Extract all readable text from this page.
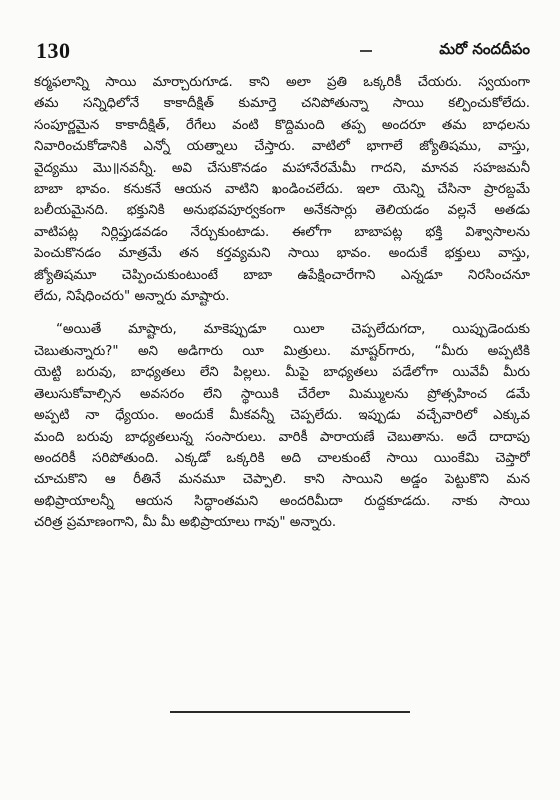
130	మరో నందదీపం
కర్మఫలాన్ని సాయి మార్చారుగూడ. కాని అలా ప్రతి ఒక్కరికీ చేయరు. స్వయంగా
తమ సన్నిధిలోనే కాకాదీక్షిత్ కుమార్తె చనిపోతున్నా సాయి కల్పించుకోలేదు.
సంపూర్ణమైన కాకాదీక్షిత్, రేగేలు వంటి కొద్దిమంది తప్ప అందరూ తమ బాధలను
నివారించుకోడానికి ఎన్నో యత్నాలు చేస్తారు. వాటిలో భాగాలే జ్యోతిషము, వాస్తు,
వైద్యము మొ॥నవన్నీ. అవి చేసుకొనడం మహానేరమేమీ గాదని, మానవ సహజమనీ
బాబా భావం. కనుకనే ఆయన వాటిని ఖండించలేదు. ఇలా యెన్ని చేసినా ప్రారబ్దమే
బలీయమైనది. భక్తునికి అనుభవపూర్వకంగా అనేకసార్లు తెలియడం వల్లనే అతడు
వాటిపట్ల నిర్లిప్తుడవడం నేర్చుకుంటాడు. ఈలోగా బాబాపట్ల భక్తి విశ్వాసాలను
పెంచుకొనడం మాత్రమే తన కర్తవ్యమని సాయి భావం. అందుకే భక్తులు వాస్తు,
జ్యోతిషమూ చెప్పించుకుంటుంటే బాబా ఉపేక్షించారేగాని ఎన్నడూ నిరసించనూ
లేదు, నిషేధించరు" అన్నారు మాష్టారు.
“అయితే మాష్టారు, మాకెప్పుడూ యిలా చెప్పలేదుగదా, యిప్పుడెందుకు
చెబుతున్నారు?" అని అడిగారు యీ మిత్రులు. మాష్టర్‌గారు, “మీరు అప్పటికి
యెట్టి బరువు, బాధ్యతలు లేని పిల్లలు. మీపై బాధ్యతలు పడేలోగా యివేవీ మీరు
తెలుసుకోవాల్సిన అవసరం లేని స్థాయికి చేరేలా మిమ్ములను ప్రోత్సహించ డమే
అప్పటి నా ధ్యేయం. అందుకే మీకవన్నీ చెప్పలేదు. ఇప్పుడు వచ్చేవారిలో ఎక్కువ
మంది బరువు బాధ్యతలున్న సంసారులు. వారికీ పారాయణే చెబుతాను. అదే దాదాపు
అందరికీ సరిపోతుంది. ఎక్కడో ఒక్కరికి అది చాలకుంటే సాయి యింకేమి చెప్తారో
చూచుకొని ఆ రీతినే మనమూ చెప్పాలి. కాని సాయిని అడ్డం పెట్టుకొని మన
అభిప్రాయాలన్నీ ఆయన సిద్ధాంతమని అందరిమీదా రుద్దకూడదు. నాకు సాయి
చరిత్ర ప్రమాణంగాని, మీ మీ అభిప్రాయాలు గావు" అన్నారు.
